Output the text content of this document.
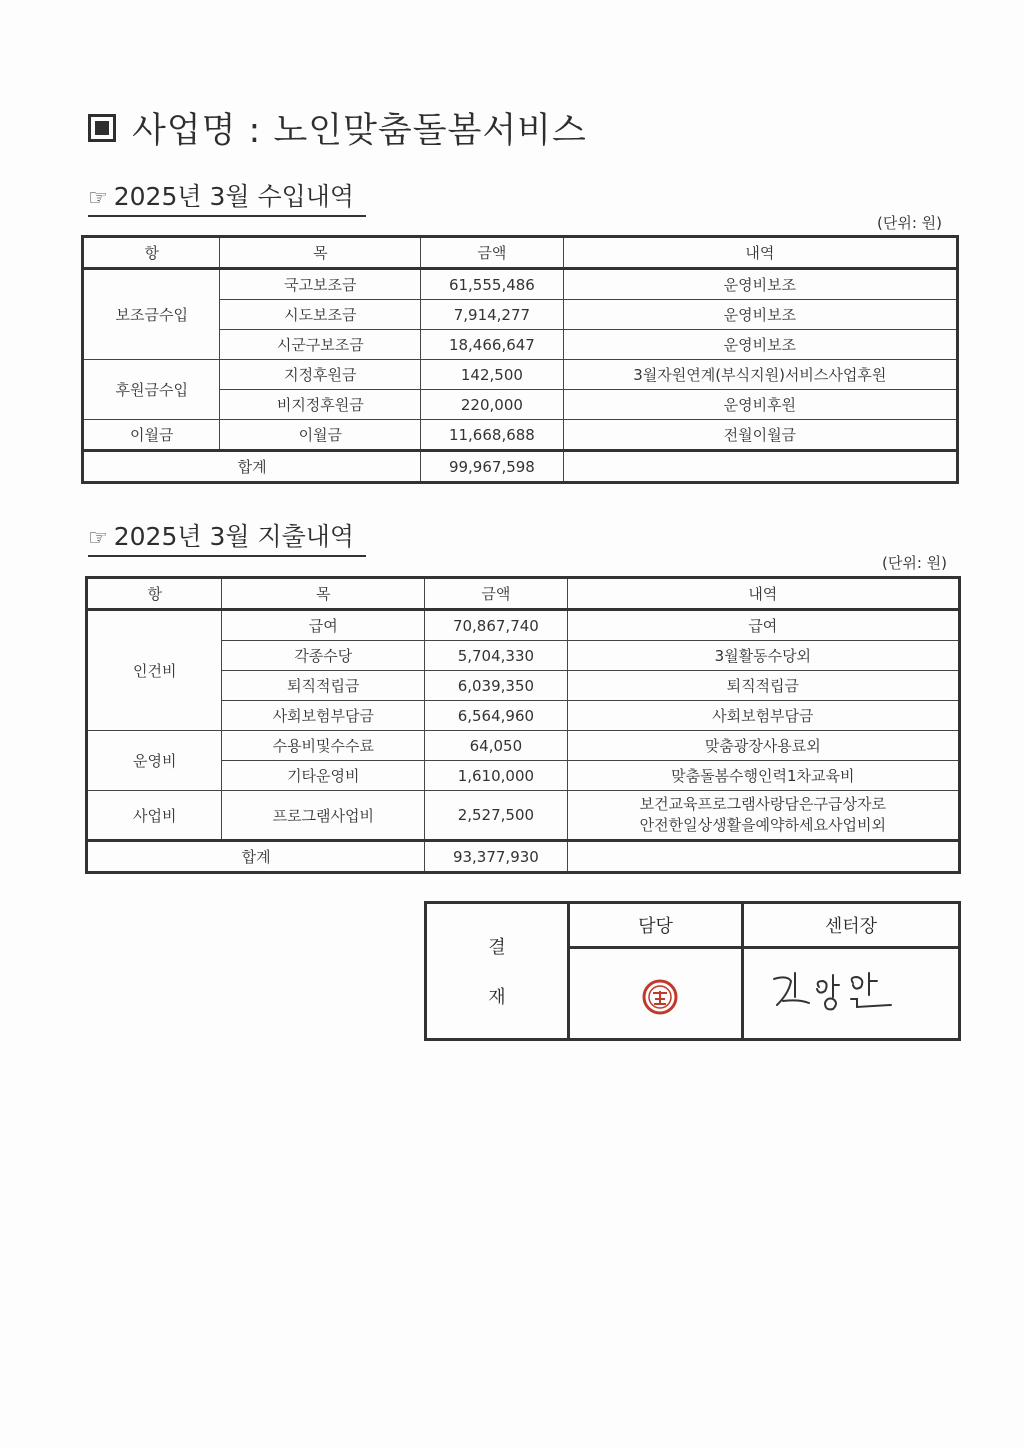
사업명 : 노인맞춤돌봄서비스
☞ 2025년 3월 수입내역
(단위: 원)
항	목	금액	내역
보조금수입	국고보조금	61,555,486	운영비보조
	시도보조금	7,914,277	운영비보조
	시군구보조금	18,466,647	운영비보조
후원금수입	지정후원금	142,500	3월자원연계(부식지원)서비스사업후원
	비지정후원금	220,000	운영비후원
이월금	이월금	11,668,688	전월이월금
합계		99,967,598	
☞ 2025년 3월 지출내역
(단위: 원)
항	목	금액	내역
인건비	급여	70,867,740	급여
	각종수당	5,704,330	3월활동수당외
	퇴직적립금	6,039,350	퇴직적립금
	사회보험부담금	6,564,960	사회보험부담금
운영비	수용비및수수료	64,050	맞춤광장사용료외
	기타운영비	1,610,000	맞춤돌봄수행인력1차교육비
사업비	프로그램사업비	2,527,500	보건교육프로그램사랑담은구급상자로
안전한일상생활을예약하세요사업비외

합계		93,377,930	
결
재
담당	센터장
